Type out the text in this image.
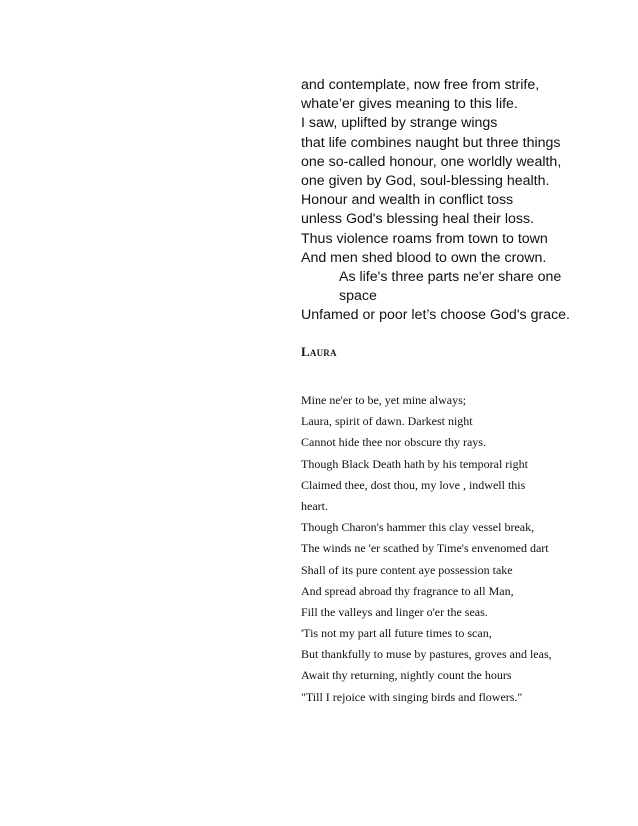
and contemplate, now free from strife,
whate’er gives meaning to this life.
I saw, uplifted by strange wings
that life combines naught but three things
one so-called honour, one worldly wealth,
one given by God, soul-blessing health.
Honour and wealth in conflict toss
unless God's blessing heal their loss.
Thus violence roams from town to town
And men shed blood to own the crown.
As life's three parts ne'er share one
space
Unfamed or poor let’s choose God's grace.
Laura
Mine ne'er to be, yet mine always;
Laura, spirit of dawn. Darkest night
Cannot hide thee nor obscure thy rays.
Though Black Death hath by his temporal right
Claimed thee, dost thou, my love , indwell this
heart.
Though Charon's hammer this clay vessel break,
The winds ne 'er scathed by Time's envenomed dart
Shall of its pure content aye possession take
And spread abroad thy fragrance to all Man,
Fill the valleys and linger o'er the seas.
'Tis not my part all future times to scan,
But thankfully to muse by pastures, groves and leas,
Await thy returning, nightly count the hours
"Till I rejoice with singing birds and flowers."
